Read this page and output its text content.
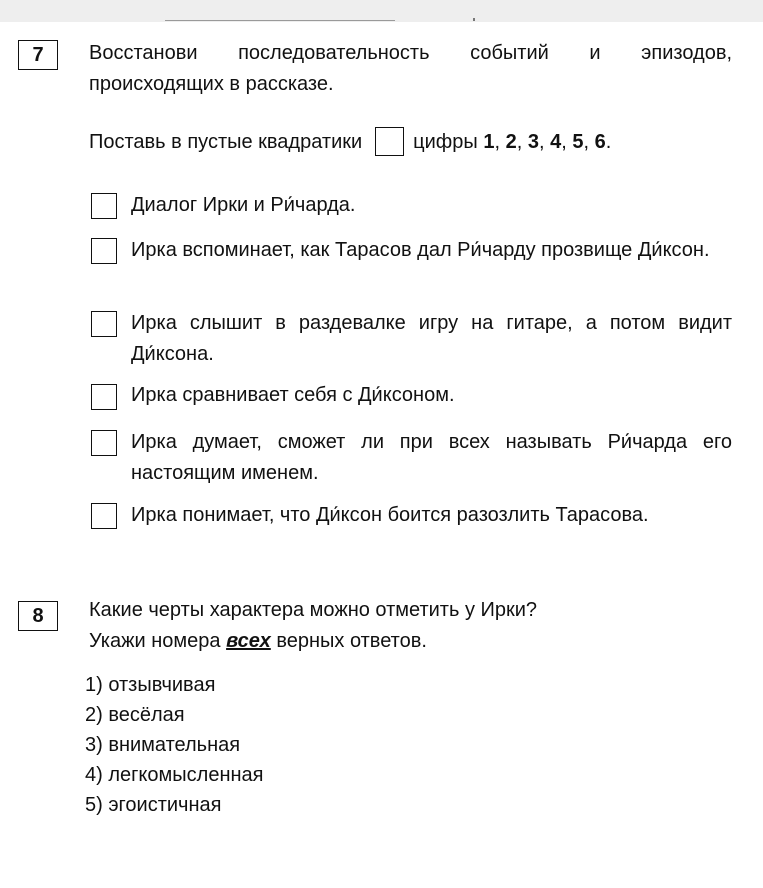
7	Восстанови последовательность событий и эпизодов, происходящих в рассказе.
Поставь в пустые квадратики	цифры 1, 2, 3, 4, 5, 6.
Диалог Ирки и Ри́чарда.
Ирка вспоминает, как Тарасов дал Ри́чарду прозвище Ди́ксон.
Ирка слышит в раздевалке игру на гитаре, а потом видит Ди́ксона.
Ирка сравнивает себя с Ди́ксоном.
Ирка думает, сможет ли при всех называть Ри́чарда его настоящим именем.
Ирка понимает, что Ди́ксон боится разозлить Тарасова.
8	Какие черты характера можно отметить у Ирки?
Укажи номера всех верных ответов.
1) отзывчивая
2) весёлая
3) внимательная
4) легкомысленная
5) эгоистичная
